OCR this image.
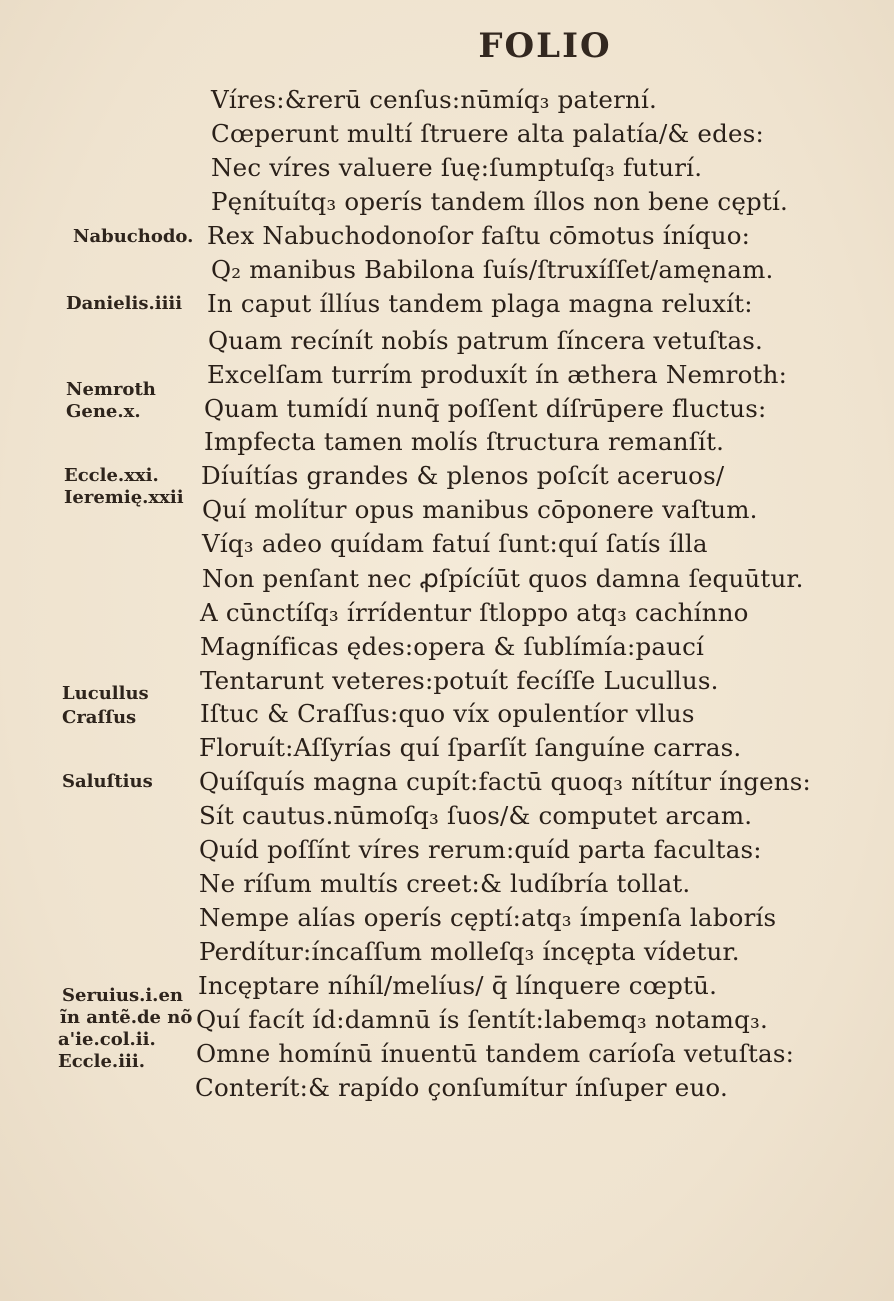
FOLIO
Víres:&rerū cenſus:nūmíq₃ paterní.
Cœperunt multí ſtruere alta palatía/& edes:
Nec víres valuere ſuę:ſumptuſq₃ futurí.
Pęnítuítq₃ operís tandem íllos non bene cęptí.
Rex Nabuchodonoſor faſtu cōmotus íníquo:
Q₂ manibus Babilona ſuís/ſtruxíſſet/amęnam.
In caput íllíus tandem plaga magna reluxít:
Quam recínít nobís patrum ſíncera vetuſtas.
Excelſam turrím produxít ín æthera Nemroth:
Quam tumídí nunq̄ poſſent díſrūpere fluctus:
Impfecta tamen molís ſtructura remanſít.
Díuítías grandes & plenos poſcít aceruos/
Quí molítur opus manibus cōponere vaſtum.
Víq₃ adeo quídam fatuí ſunt:quí ſatís ílla
Non penſant nec ꝓſpícíūt quos damna ſequūtur.
A cūnctíſq₃ írrídentur ſtloppo atq₃ cachínno
Magníficas ędes:opera & ſublímía:paucí
Tentarunt veteres:potuít fecíſſe Lucullus.
Iſtuc & Craſſus:quo víx opulentíor vllus
Floruít:Aſſyrías quí ſparſít ſanguíne carras.
Quíſquís magna cupít:factū quoq₃ nítítur íngens:
Sít cautus.nūmoſq₃ ſuos/& computet arcam.
Quíd poſſínt víres rerum:quíd parta facultas:
Ne ríſum multís creet:& ludíbría tollat.
Nempe alías operís cęptí:atq₃ ímpenſa laborís
Perdítur:íncaſſum molleſq₃ íncępta vídetur.
Incęptare níhíl/melíus/ q̄ línquere cœptū.
Quí facít íd:damnū ís ſentít:labemq₃ notamq₃.
Omne homínū ínuentū tandem caríoſa vetuſtas:
Conterít:& rapído çonſumítur ínſuper euo.
Nabuchodo.
Danielis.iiii
Nemroth
Gene.x.
Eccle.xxi.
Ieremię.xxii
Lucullus
Craſſus
Saluſtius
Seruius.i.en
ĩn antẽ.de nõ
a'ie.col.ii.
Eccle.iii.
